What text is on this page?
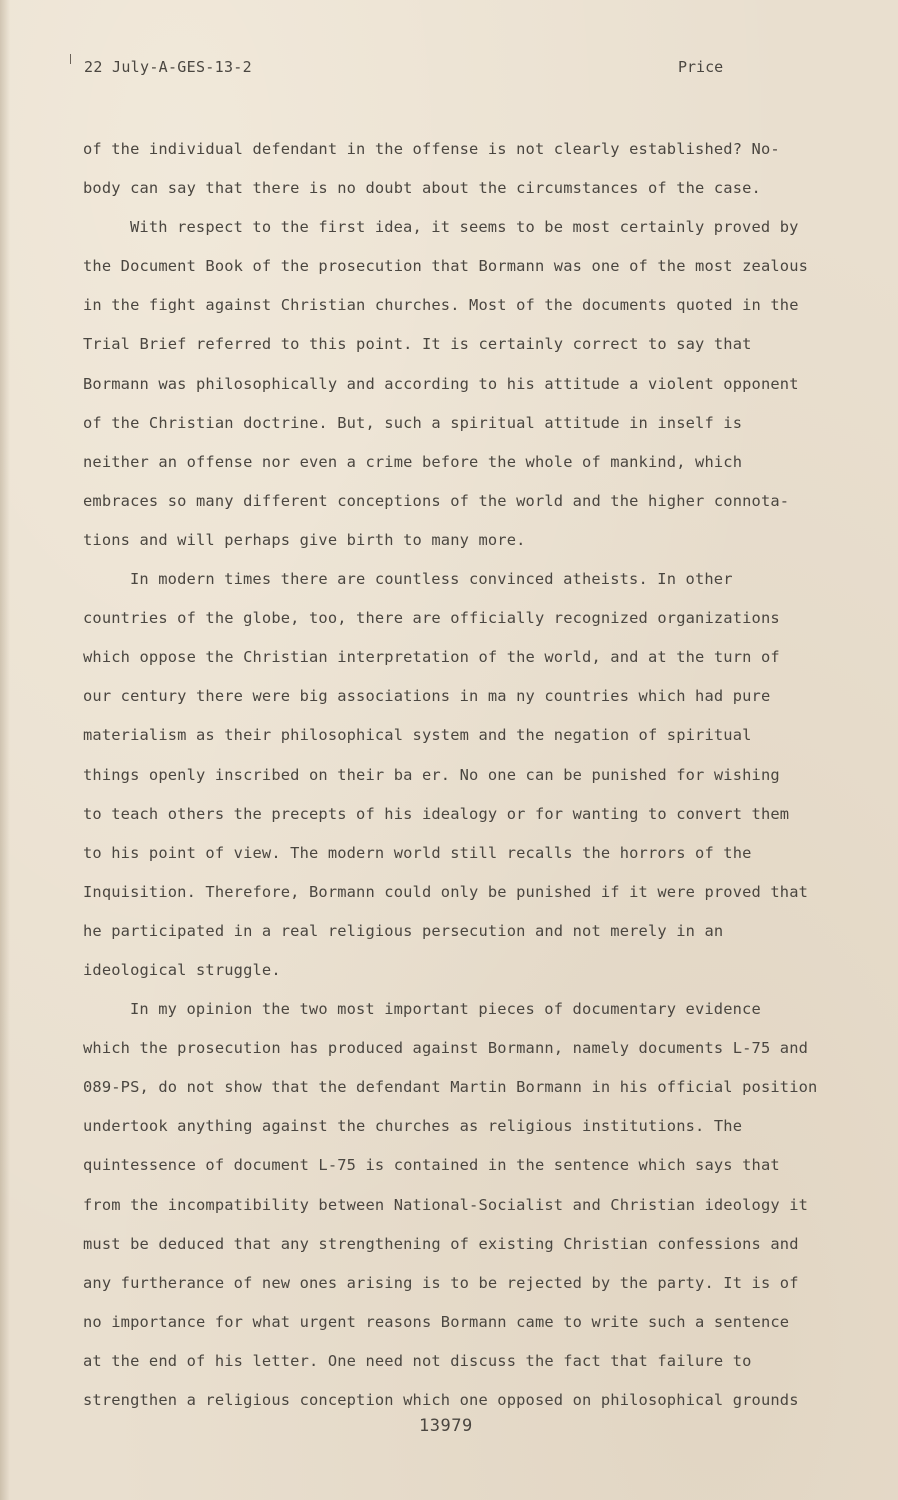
22 July-A-GES-13-2	Price
of the individual defendant in the offense is not clearly established? No-
body can say that there is no doubt about the circumstances of the case.
With respect to the first idea, it seems to be most certainly proved by
the Document Book of the prosecution that Bormann was one of the most zealous
in the fight against Christian churches. Most of the documents quoted in the
Trial Brief referred to this point. It is certainly correct to say that
Bormann was philosophically and according to his attitude a violent opponent
of the Christian doctrine. But, such a spiritual attitude in inself is
neither an offense nor even a crime before the whole of mankind, which
embraces so many different conceptions of the world and the higher connota-
tions and will perhaps give birth to many more.
In modern times there are countless convinced atheists. In other
countries of the globe, too, there are officially recognized organizations
which oppose the Christian interpretation of the world, and at the turn of
our century there were big associations in ma ny countries which had pure
materialism as their philosophical system and the negation of spiritual
things openly inscribed on their ba er. No one can be punished for wishing
to teach others the precepts of his idealogy or for wanting to convert them
to his point of view. The modern world still recalls the horrors of the
Inquisition. Therefore, Bormann could only be punished if it were proved that
he participated in a real religious persecution and not merely in an
ideological struggle.
In my opinion the two most important pieces of documentary evidence
which the prosecution has produced against Bormann, namely documents L-75 and
089-PS, do not show that the defendant Martin Bormann in his official position
undertook anything against the churches as religious institutions. The
quintessence of document L-75 is contained in the sentence which says that
from the incompatibility between National-Socialist and Christian ideology it
must be deduced that any strengthening of existing Christian confessions and
any furtherance of new ones arising is to be rejected by the party. It is of
no importance for what urgent reasons Bormann came to write such a sentence
at the end of his letter. One need not discuss the fact that failure to
strengthen a religious conception which one opposed on philosophical grounds
13979
